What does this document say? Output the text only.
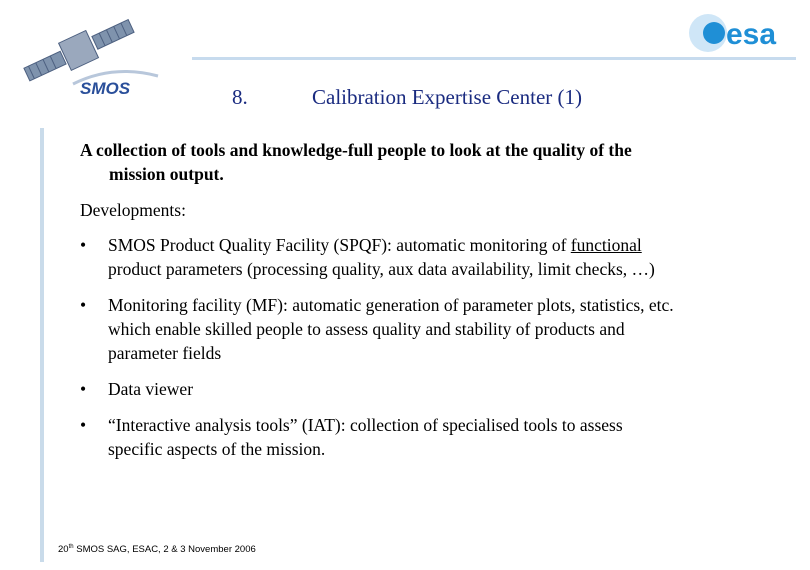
SMOS
esa
8.	Calibration Expertise Center (1)
A collection of tools and knowledge-full people to look at the quality of the
mission output.
Developments:
• SMOS Product Quality Facility (SPQF): automatic monitoring of functional
product parameters (processing quality, aux data availability, limit checks, …)
• Monitoring facility (MF): automatic generation of parameter plots, statistics, etc.
which enable skilled people to assess quality and stability of products and
parameter fields
• Data viewer
• “Interactive analysis tools” (IAT): collection of specialised tools to assess
specific aspects of the mission.
20th SMOS SAG, ESAC, 2 & 3 November 2006
